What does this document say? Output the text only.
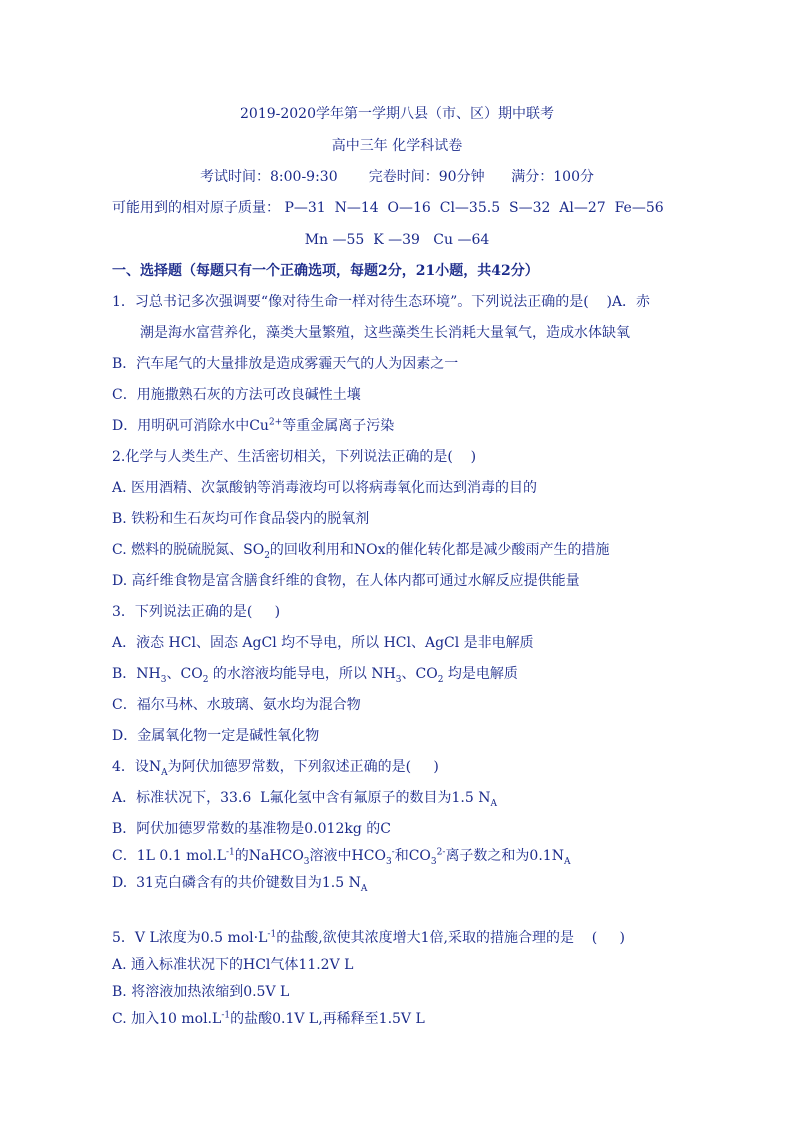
2019-2020学年第一学期八县（市、区）期中联考
高中三年 化学科试卷
考试时间：8:00-9:30       完卷时间：90分钟      满分：100分
可能用到的相对原子质量： P—31  N—14  O—16  Cl—35.5  S—32  Al—27  Fe—56
Mn —55  K —39   Cu —64
一、选择题（每题只有一个正确选项，每题2分，21小题，共42分）
1．习总书记多次强调要“像对待生命一样对待生态环境”。下列说法正确的是(    )A．赤
潮是海水富营养化，藻类大量繁殖，这些藻类生长消耗大量氧气，造成水体缺氧
B．汽车尾气的大量排放是造成雾霾天气的人为因素之一
C．用施撒熟石灰的方法可改良碱性土壤
D．用明矾可消除水中$Cu^{2+}$等重金属离子污染
2.化学与人类生产、生活密切相关，下列说法正确的是(    )
A. 医用酒精、次氯酸钠等消毒液均可以将病毒氧化而达到消毒的目的
B. 铁粉和生石灰均可作食品袋内的脱氧剂
C. 燃料的脱硫脱氮、$SO_2$的回收利用和NOx的催化转化都是减少酸雨产生的措施
D. 高纤维食物是富含膳食纤维的食物，在人体内都可通过水解反应提供能量
3．下列说法正确的是(     )
A．液态 HCl、固态 AgCl 均不导电，所以 HCl、AgCl 是非电解质
B．$NH_3$、$CO_2$ 的水溶液均能导电，所以 $NH_3$、$CO_2$ 均是电解质
C．福尔马林、水玻璃、氨水均为混合物
D．金属氧化物一定是碱性氧化物
4．设$N_A$为阿伏加德罗常数，下列叙述正确的是(     )
A．标准状况下，33.6  L氟化氢中含有氟原子的数目为1.5 $N_A$
B．阿伏加德罗常数的基准物是0.012kg 的C
C．1L 0.1 $mol.L^{-1}$的NaHCO$_3$溶液中$HCO_3^-$和$CO_3^{2-}$离子数之和为$0.1N_A$
D.  31克白磷含有的共价键数目为1.5 $N_A$
5．V L浓度为0.5 $mol\cdot L^{-1}$的盐酸,欲使其浓度增大1倍,采取的措施合理的是    (     )
A. 通入标准状况下的HCl气体11.2V L
B. 将溶液加热浓缩到0.5V L
C. 加入10 $mol.L^{-1}$的盐酸0.1V L,再稀释至1.5V L
